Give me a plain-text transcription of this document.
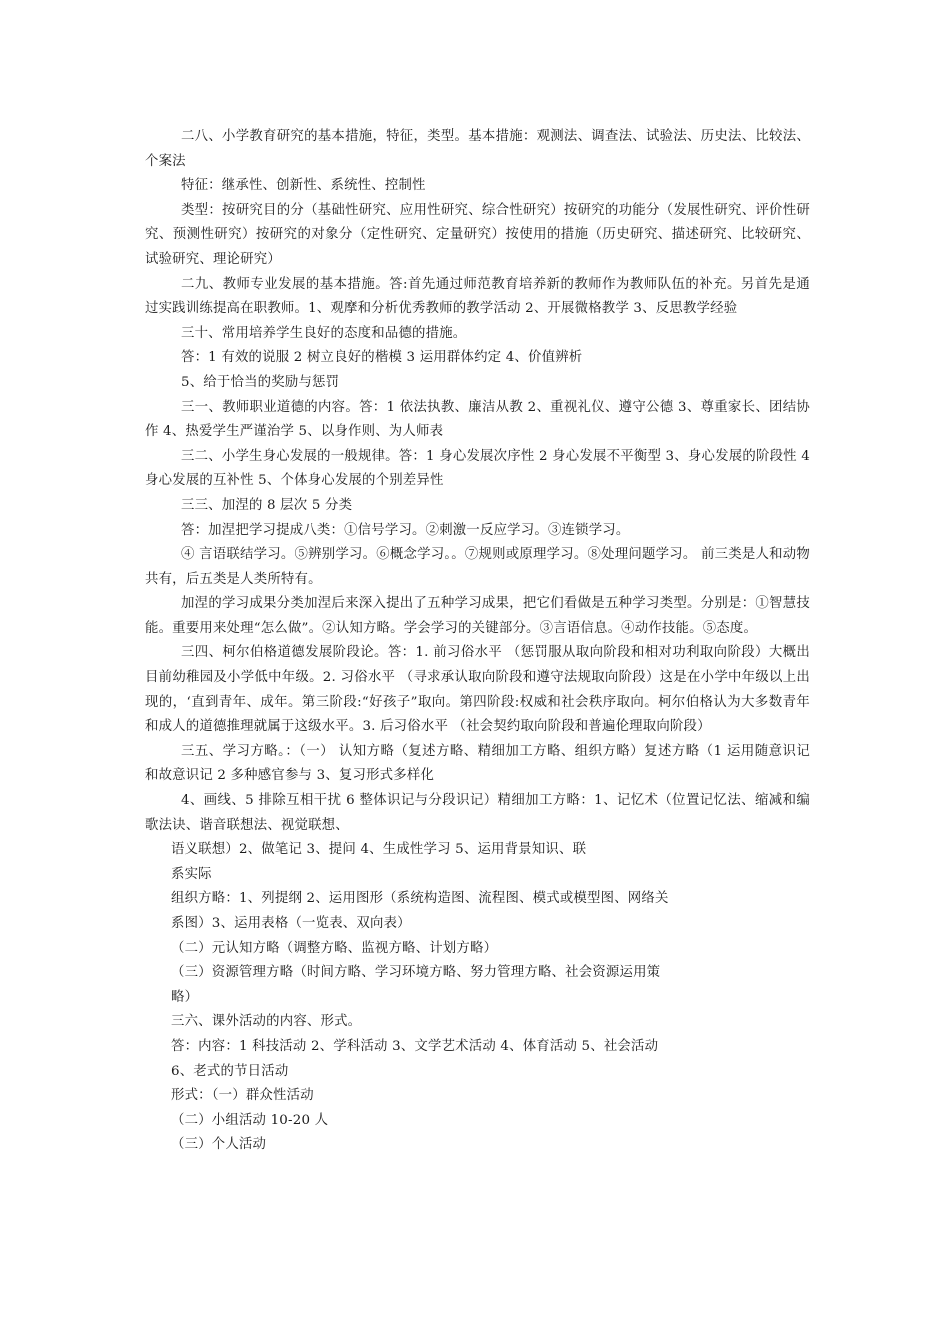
二八、小学教育研究的基本措施，特征，类型。基本措施：观测法、调查法、试验法、历史法、比较法、个案法

特征：继承性、创新性、系统性、控制性

类型：按研究目的分（基础性研究、应用性研究、综合性研究）按研究的功能分（发展性研究、评价性研究、预测性研究）按研究的对象分（定性研究、定量研究）按使用的措施（历史研究、描述研究、比较研究、试验研究、理论研究）

二九、教师专业发展的基本措施。答:首先通过师范教育培养新的教师作为教师队伍的补充。另首先是通过实践训练提高在职教师。1、观摩和分析优秀教师的教学活动 2、开展微格教学 3、反思教学经验

三十、常用培养学生良好的态度和品德的措施。

答：1 有效的说服 2 树立良好的楷模 3 运用群体约定 4、价值辨析

5、给于恰当的奖励与惩罚

三一、教师职业道德的内容。答：1 依法执教、廉洁从教 2、重视礼仪、遵守公德 3、尊重家长、团结协作 4、热爱学生严谨治学 5、以身作则、为人师表

三二、小学生身心发展的一般规律。答：1 身心发展次序性 2 身心发展不平衡型 3、身心发展的阶段性 4 身心发展的互补性 5、个体身心发展的个别差异性

三三、加涅的 8 层次 5 分类

答：加涅把学习提成八类：①信号学习。②刺激一反应学习。③连锁学习。

④ 言语联结学习。⑤辨别学习。⑥概念学习。。⑦规则或原理学习。⑧处理问题学习。 前三类是人和动物共有，后五类是人类所特有。

加涅的学习成果分类加涅后来深入提出了五种学习成果，把它们看做是五种学习类型。分别是：①智慧技能。重要用来处理“怎么做”。②认知方略。学会学习的关键部分。③言语信息。④动作技能。⑤态度。

三四、柯尔伯格道德发展阶段论。答：1. 前习俗水平 （惩罚服从取向阶段和相对功利取向阶段）大概出目前幼稚园及小学低中年级。2. 习俗水平 （寻求承认取向阶段和遵守法规取向阶段）这是在小学中年级以上出现的，‘直到青年、成年。第三阶段:“好孩子”取向。第四阶段:权威和社会秩序取向。柯尔伯格认为大多数青年和成人的道德推理就属于这级水平。3. 后习俗水平 （社会契约取向阶段和普遍伦理取向阶段）

三五、学习方略。：（一） 认知方略（复述方略、精细加工方略、组织方略）复述方略（1 运用随意识记和故意识记 2 多种感官参与 3、复习形式多样化

4、画线、5 排除互相干扰 6 整体识记与分段识记）精细加工方略：1、记忆术（位置记忆法、缩减和编歌法诀、谐音联想法、视觉联想、

语义联想）2、做笔记 3、提问 4、生成性学习 5、运用背景知识、联

系实际

组织方略：1、列提纲 2、运用图形（系统构造图、流程图、模式或模型图、网络关

系图）3、运用表格（一览表、双向表）

（二）元认知方略（调整方略、监视方略、计划方略）

（三）资源管理方略（时间方略、学习环境方略、努力管理方略、社会资源运用策

略）

三六、课外活动的内容、形式。

答：内容：1 科技活动 2、学科活动 3、文学艺术活动 4、体育活动 5、社会活动

6、老式的节日活动

形式：（一）群众性活动

（二）小组活动 10-20 人

（三）个人活动
